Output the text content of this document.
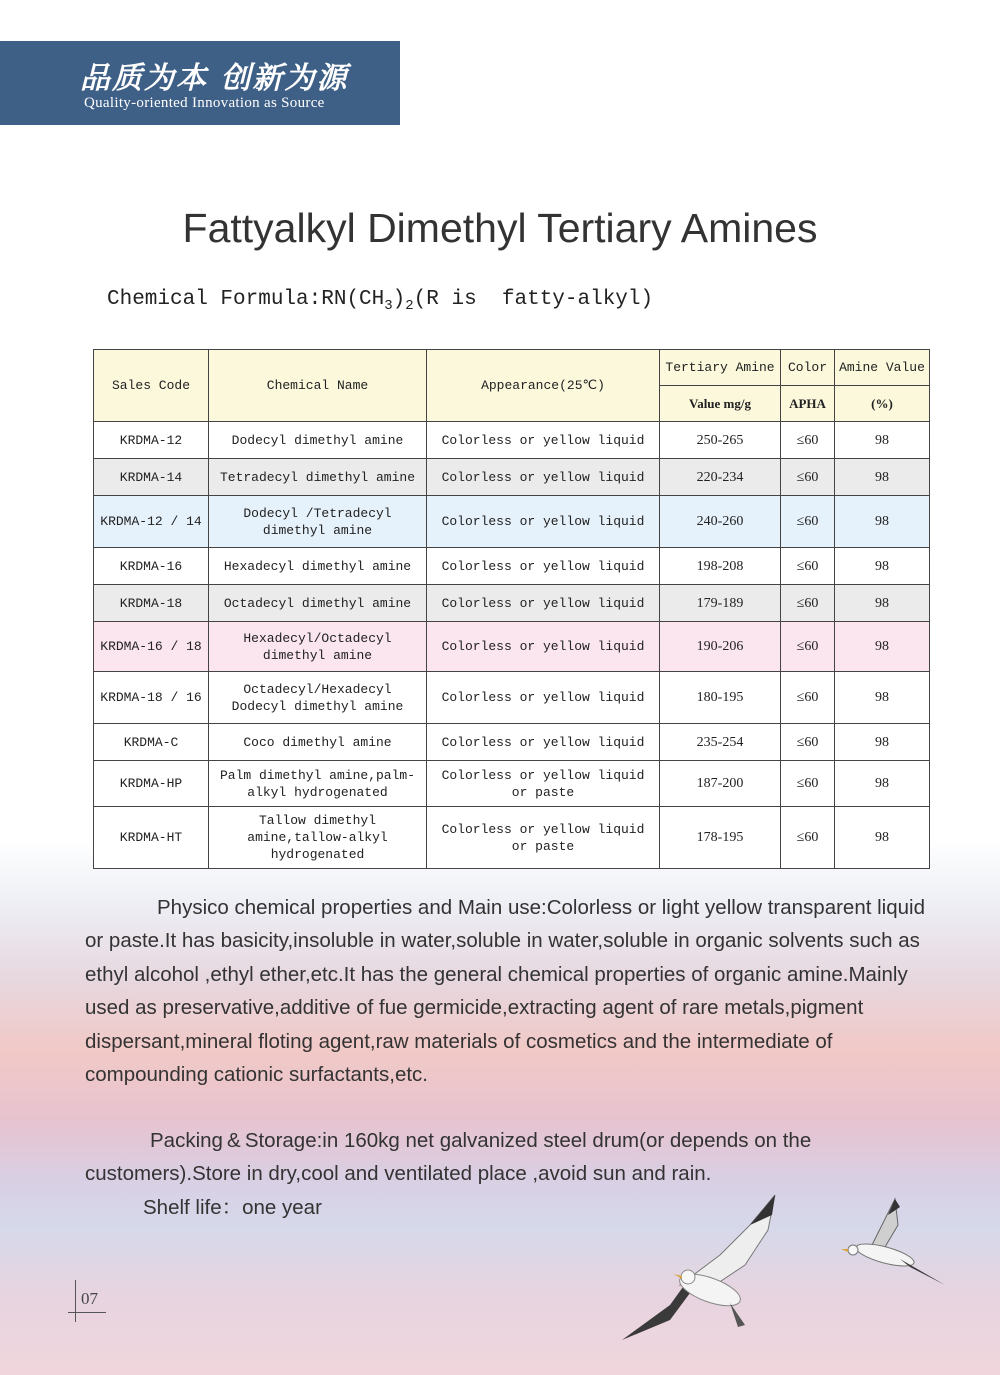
品质为本 创新为源
Quality-oriented Innovation as Source
Fattyalkyl Dimethyl Tertiary Amines
Chemical $Formula:RN(CH_3)_2(R$ is  fatty-alkyl)
Sales Code	Chemical Name	Appearance(25℃)	Tertiary Amine	Color	Amine Value
			Value mg/g	APHA	(%)
KRDMA-12	Dodecyl dimethyl amine	Colorless or yellow liquid	250-265	≤60	98
KRDMA-14	Tetradecyl dimethyl amine	Colorless or yellow liquid	220-234	≤60	98
KRDMA-12 / 14	Dodecyl /Tetradecyl dimethyl amine	Colorless or yellow liquid	240-260	≤60	98
KRDMA-16	Hexadecyl dimethyl amine	Colorless or yellow liquid	198-208	≤60	98
KRDMA-18	Octadecyl dimethyl amine	Colorless or yellow liquid	179-189	≤60	98
KRDMA-16 / 18	Hexadecyl/Octadecyl dimethyl amine	Colorless or yellow liquid	190-206	≤60	98
KRDMA-18 / 16	Octadecyl/Hexadecyl Dodecyl dimethyl amine	Colorless or yellow liquid	180-195	≤60	98
KRDMA-C	Coco dimethyl amine	Colorless or yellow liquid	235-254	≤60	98
KRDMA-HP	Palm dimethyl amine,palm-alkyl hydrogenated	Colorless or yellow liquid or paste	187-200	≤60	98
KRDMA-HT	Tallow dimethyl amine,tallow-alkyl hydrogenated	Colorless or yellow liquid or paste	178-195	≤60	98
Physico chemical properties and Main use:Colorless or light yellow transparent liquid or paste.It has basicity,insoluble in water,soluble in water,soluble in organic solvents such as ethyl alcohol ,ethyl ether,etc.It has the general chemical properties of organic amine.Mainly used as preservative,additive of fue germicide,extracting agent of rare metals,pigment dispersant,mineral floting agent,raw materials of cosmetics and the intermediate of compounding cationic surfactants,etc.
Packing & Storage:in 160kg net galvanized steel drum(or depends on the customers).Store in dry,cool and ventilated place ,avoid sun and rain.
Shelf life：one year
07
